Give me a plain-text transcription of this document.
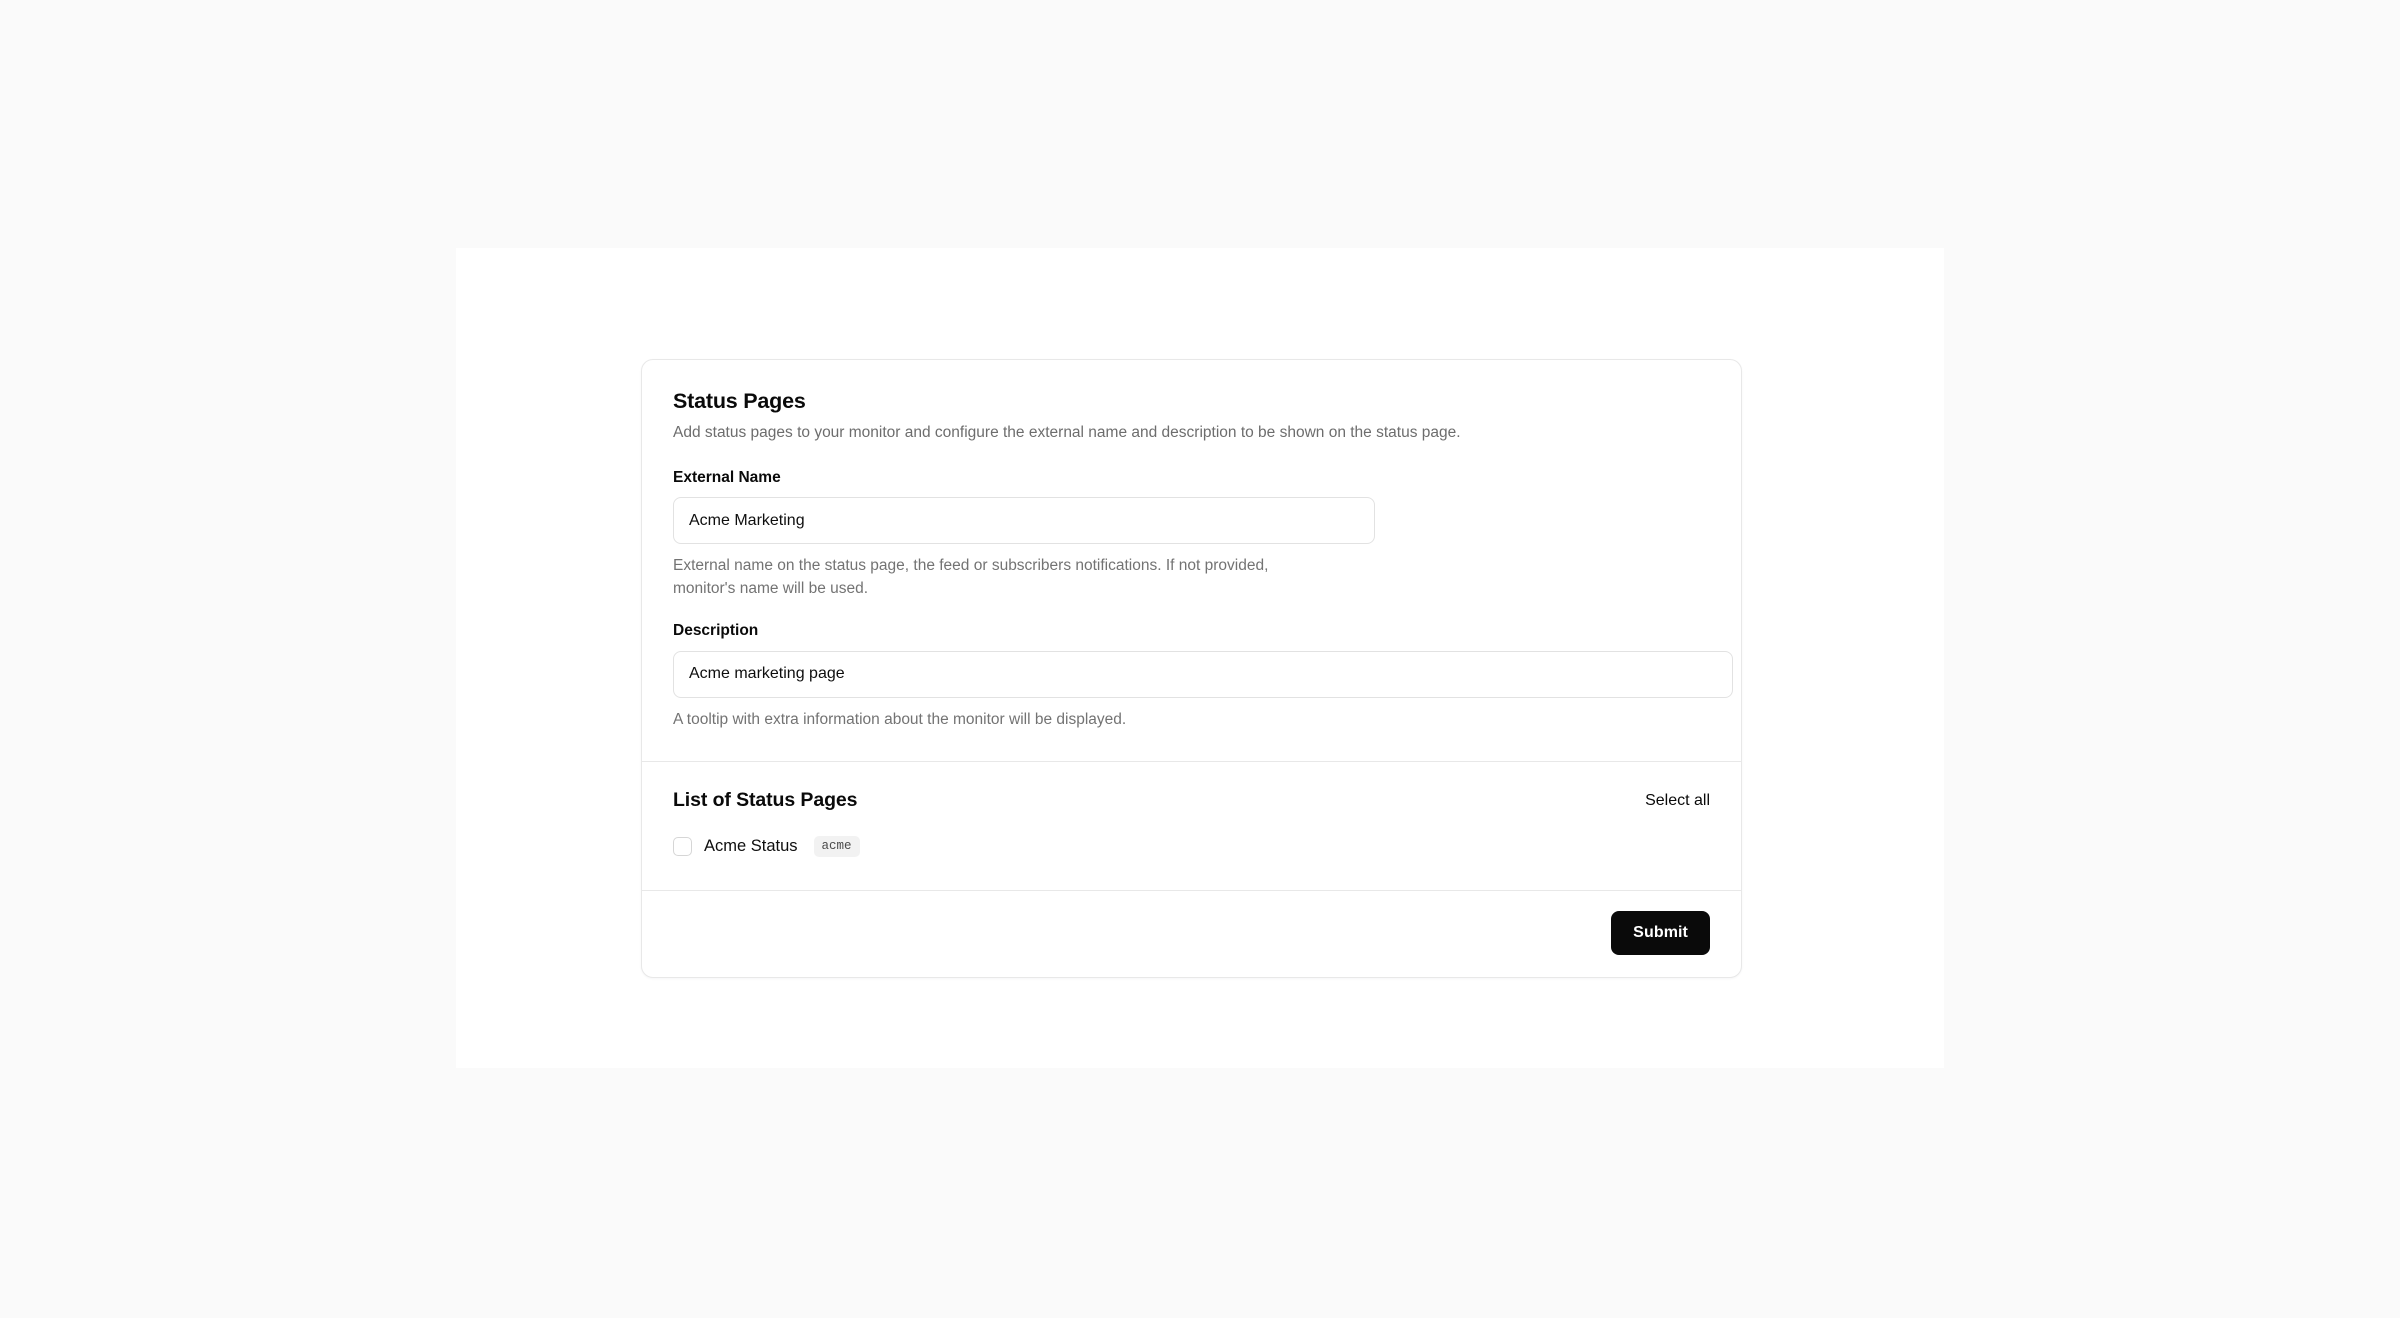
Status Pages

Add status pages to your monitor and configure the external name and description to be shown on the status page.

External Name
Acme Marketing

External name on the status page, the feed or subscribers notifications. If not provided, monitor's name will be used.

Description
Acme marketing page

A tooltip with extra information about the monitor will be displayed.

List of Status Pages	Select all
Acme Status	acme
Submit
